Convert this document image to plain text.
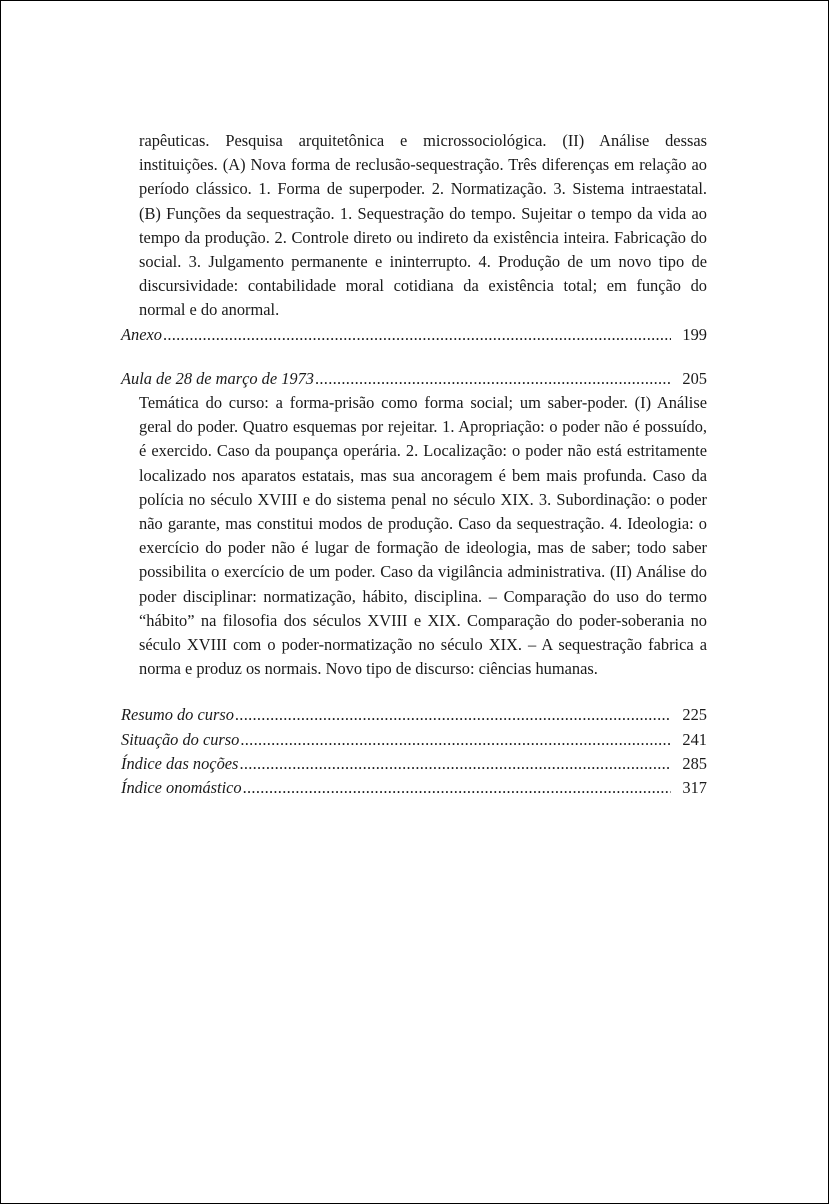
rapêuticas. Pesquisa arquitetônica e microssociológica. (II) Análise dessas instituições. (A) Nova forma de reclusão-sequestração. Três diferenças em relação ao período clássico. 1. Forma de superpoder. 2. Normatização. 3. Sistema intraestatal. (B) Funções da sequestração. 1. Sequestração do tempo. Sujeitar o tempo da vida ao tempo da produção. 2. Controle direto ou indireto da existência inteira. Fabricação do social. 3. Julgamento permanente e ininterrupto. 4. Produção de um novo tipo de discursividade: contabilidade moral cotidiana da existência total; em função do normal e do anormal.

Anexo .....	199
Aula de 28 de março de 1973 .....	205

Temática do curso: a forma-prisão como forma social; um saber-poder. (I) Análise geral do poder. Quatro esquemas por rejeitar. 1. Apropriação: o poder não é possuído, é exercido. Caso da poupança operária. 2. Localização: o poder não está estritamente localizado nos aparatos estatais, mas sua ancoragem é bem mais profunda. Caso da polícia no século XVIII e do sistema penal no século XIX. 3. Subordinação: o poder não garante, mas constitui modos de produção. Caso da sequestração. 4. Ideologia: o exercício do poder não é lugar de formação de ideologia, mas de saber; todo saber possibilita o exercício de um poder. Caso da vigilância administrativa. (II) Análise do poder disciplinar: normatização, hábito, disciplina. – Comparação do uso do termo “hábito” na filosofia dos séculos XVIII e XIX. Comparação do poder-soberania no século XVIII com o poder-normatização no século XIX. – A sequestração fabrica a norma e produz os normais. Novo tipo de discurso: ciências humanas.

Resumo do curso .....	225
Situação do curso .....	241
Índice das noções .....	285
Índice onomástico .....	317
